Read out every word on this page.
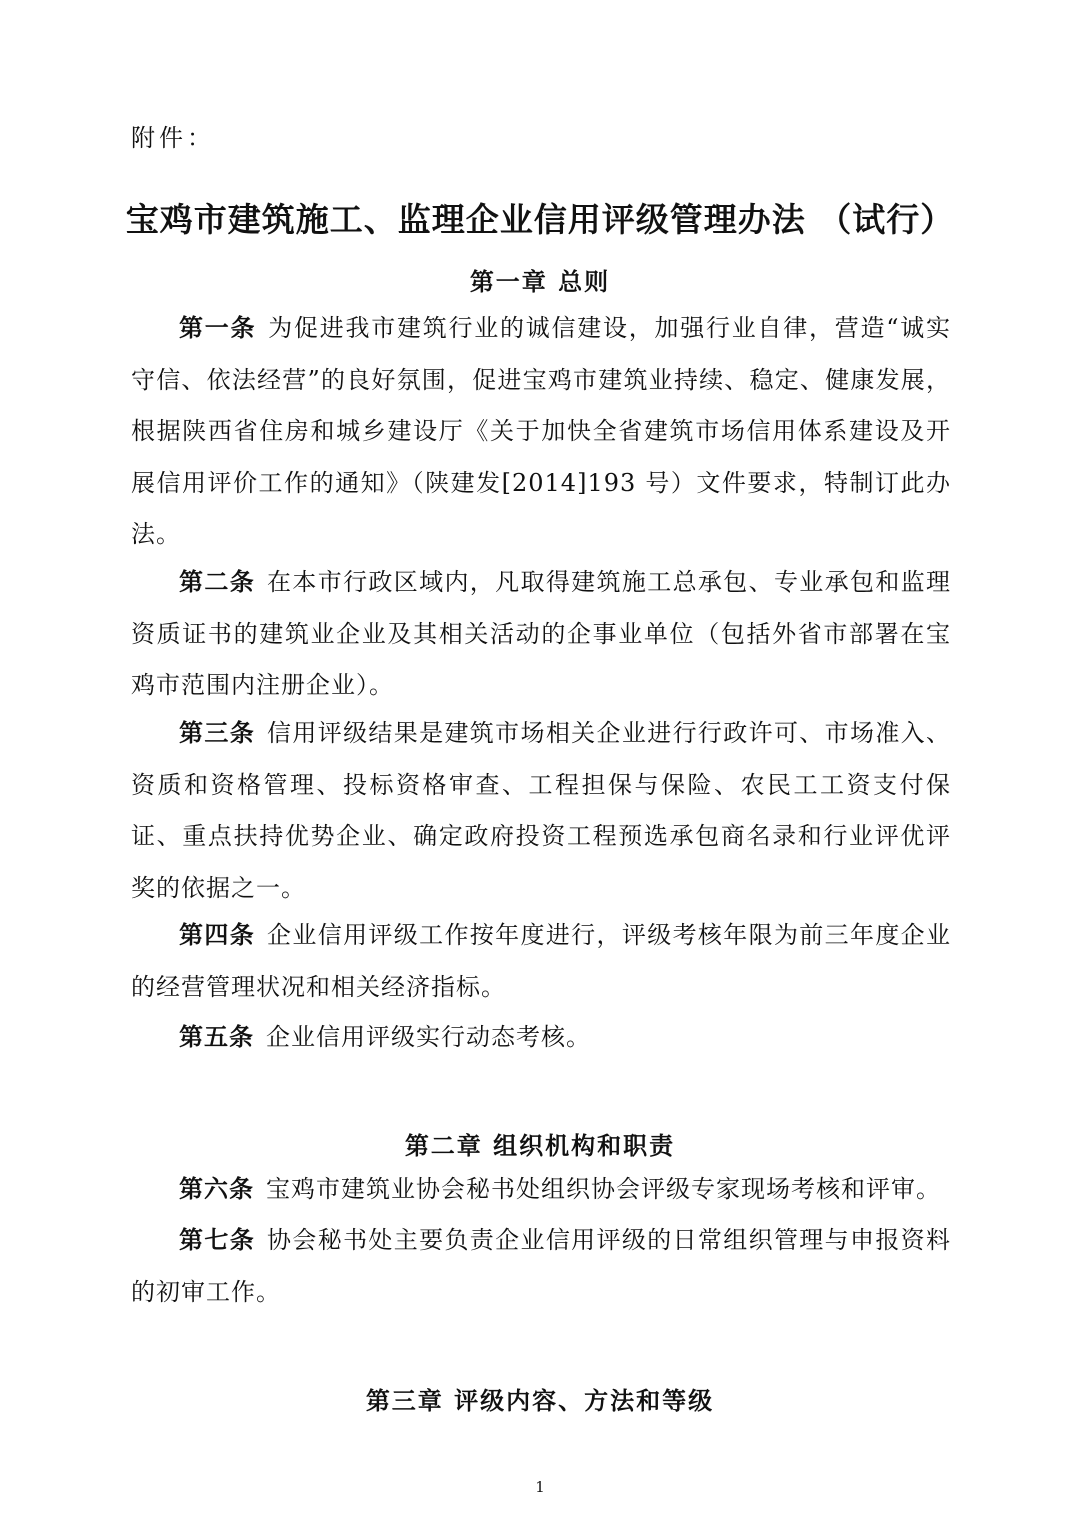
附件：
宝鸡市建筑施工、监理企业信用评级管理办法 （试行）
第一章 总则
第一条 为促进我市建筑行业的诚信建设，加强行业自律，营造“诚实守信、依法经营”的良好氛围，促进宝鸡市建筑业持续、稳定、健康发展，根据陕西省住房和城乡建设厅《关于加快全省建筑市场信用体系建设及开展信用评价工作的通知》（陕建发[2014]193 号）文件要求，特制订此办法。
第二条 在本市行政区域内，凡取得建筑施工总承包、专业承包和监理资质证书的建筑业企业及其相关活动的企事业单位（包括外省市部署在宝鸡市范围内注册企业）。
第三条 信用评级结果是建筑市场相关企业进行行政许可、市场准入、资质和资格管理、投标资格审查、工程担保与保险、农民工工资支付保证、重点扶持优势企业、确定政府投资工程预选承包商名录和行业评优评奖的依据之一。
第四条 企业信用评级工作按年度进行，评级考核年限为前三年度企业的经营管理状况和相关经济指标。
第五条 企业信用评级实行动态考核。
第二章 组织机构和职责
第六条 宝鸡市建筑业协会秘书处组织协会评级专家现场考核和评审。
第七条 协会秘书处主要负责企业信用评级的日常组织管理与申报资料的初审工作。
第三章 评级内容、方法和等级
1
